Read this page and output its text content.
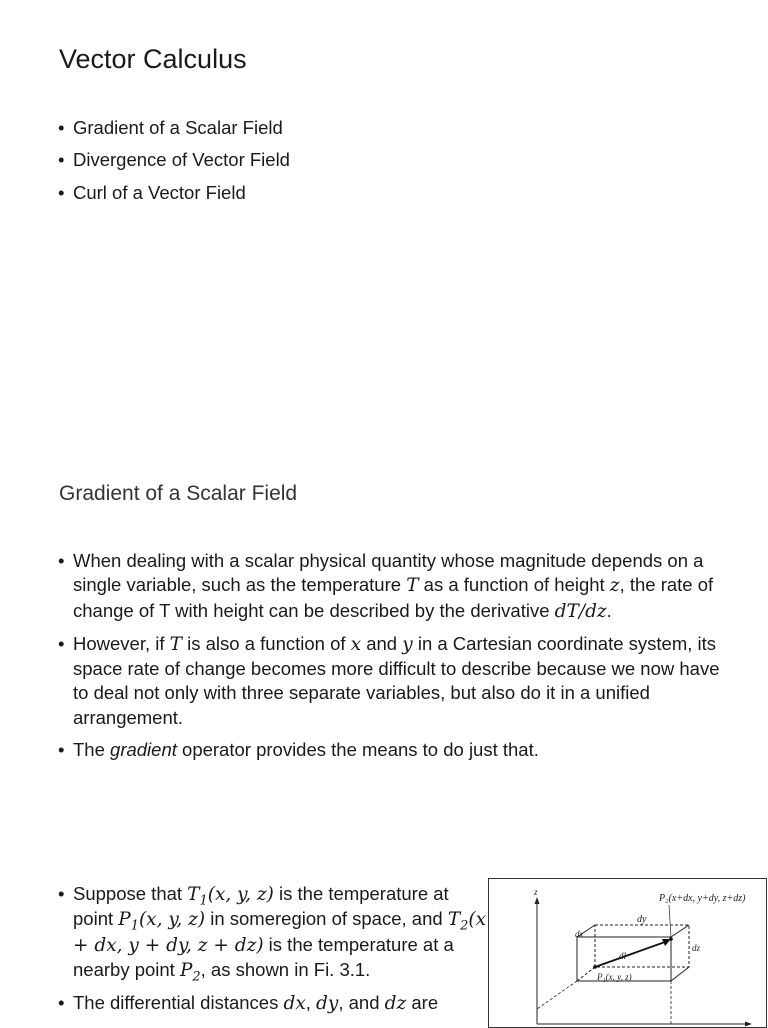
Vector Calculus
• Gradient of a Scalar Field
• Divergence of Vector Field
• Curl of a Vector Field
Gradient of a Scalar Field
• When dealing with a scalar physical quantity whose magnitude depends on a single variable, such as the temperature T as a function of height z, the rate of change of T with height can be described by the derivative dT/dz.
• However, if T is also a function of x and y in a Cartesian coordinate system, its space rate of change becomes more difficult to describe because we now have to deal not only with three separate variables, but also do it in a unified arrangement.
• The gradient operator provides the means to do just that.
• Suppose that $T_1(x$, y, z) is the temperature at point $P_1(x$, y, z) in someregion of space, and $T_2(x$ + dx, y + dy, z + dz) is the temperature at a nearby point $P_2$, as shown in Fi. 3.1.
• The differential distances dx, dy, and dz are
z
P₂(x+dx, y+dy, z+dz)
dy
dx
dz
dl
P₁(x, y, z)
